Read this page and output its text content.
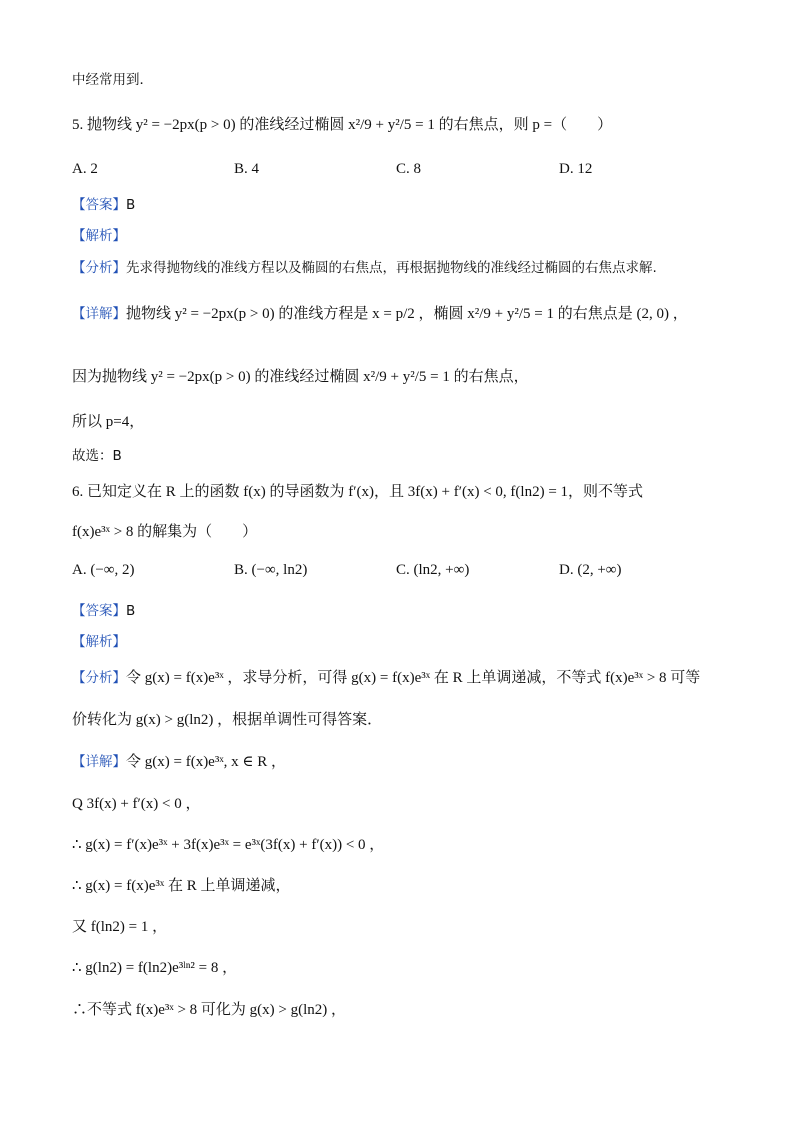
中经常用到．
5. 抛物线 y² = −2px(p > 0) 的准线经过椭圆 x²/9 + y²/5 = 1 的右焦点，则 p =（　　）
A. 2	B. 4	C. 8	D. 12
【答案】B
【解析】
【分析】先求得抛物线的准线方程以及椭圆的右焦点，再根据抛物线的准线经过椭圆的右焦点求解.
【详解】抛物线 y² = −2px(p > 0) 的准线方程是 x = p/2 ，椭圆 x²/9 + y²/5 = 1 的右焦点是 (2, 0) ，
因为抛物线 y² = −2px(p > 0) 的准线经过椭圆 x²/9 + y²/5 = 1 的右焦点，
所以 p=4，
故选：B
6. 已知定义在 R 上的函数 f(x) 的导函数为 f′(x)，且 3f(x) + f′(x) < 0, f(ln2) = 1，则不等式
f(x)e³ˣ > 8 的解集为（　　）
A. (−∞, 2)	B. (−∞, ln2)	C. (ln2, +∞)	D. (2, +∞)
【答案】B
【解析】
【分析】令 g(x) = f(x)e³ˣ ，求导分析，可得 g(x) = f(x)e³ˣ 在 R 上单调递减，不等式 f(x)e³ˣ > 8 可等
价转化为 g(x) > g(ln2) ，根据单调性可得答案．
【详解】令 g(x) = f(x)e³ˣ, x ∈ R ，
Q 3f(x) + f′(x) < 0 ，
∴ g(x) = f′(x)e³ˣ + 3f(x)e³ˣ = e³ˣ(3f(x) + f′(x)) < 0 ，
∴ g(x) = f(x)e³ˣ 在 R 上单调递减，
又 f(ln2) = 1 ，
∴ g(ln2) = f(ln2)e³ˡⁿ² = 8 ，
∴不等式 f(x)e³ˣ > 8 可化为 g(x) > g(ln2) ，
